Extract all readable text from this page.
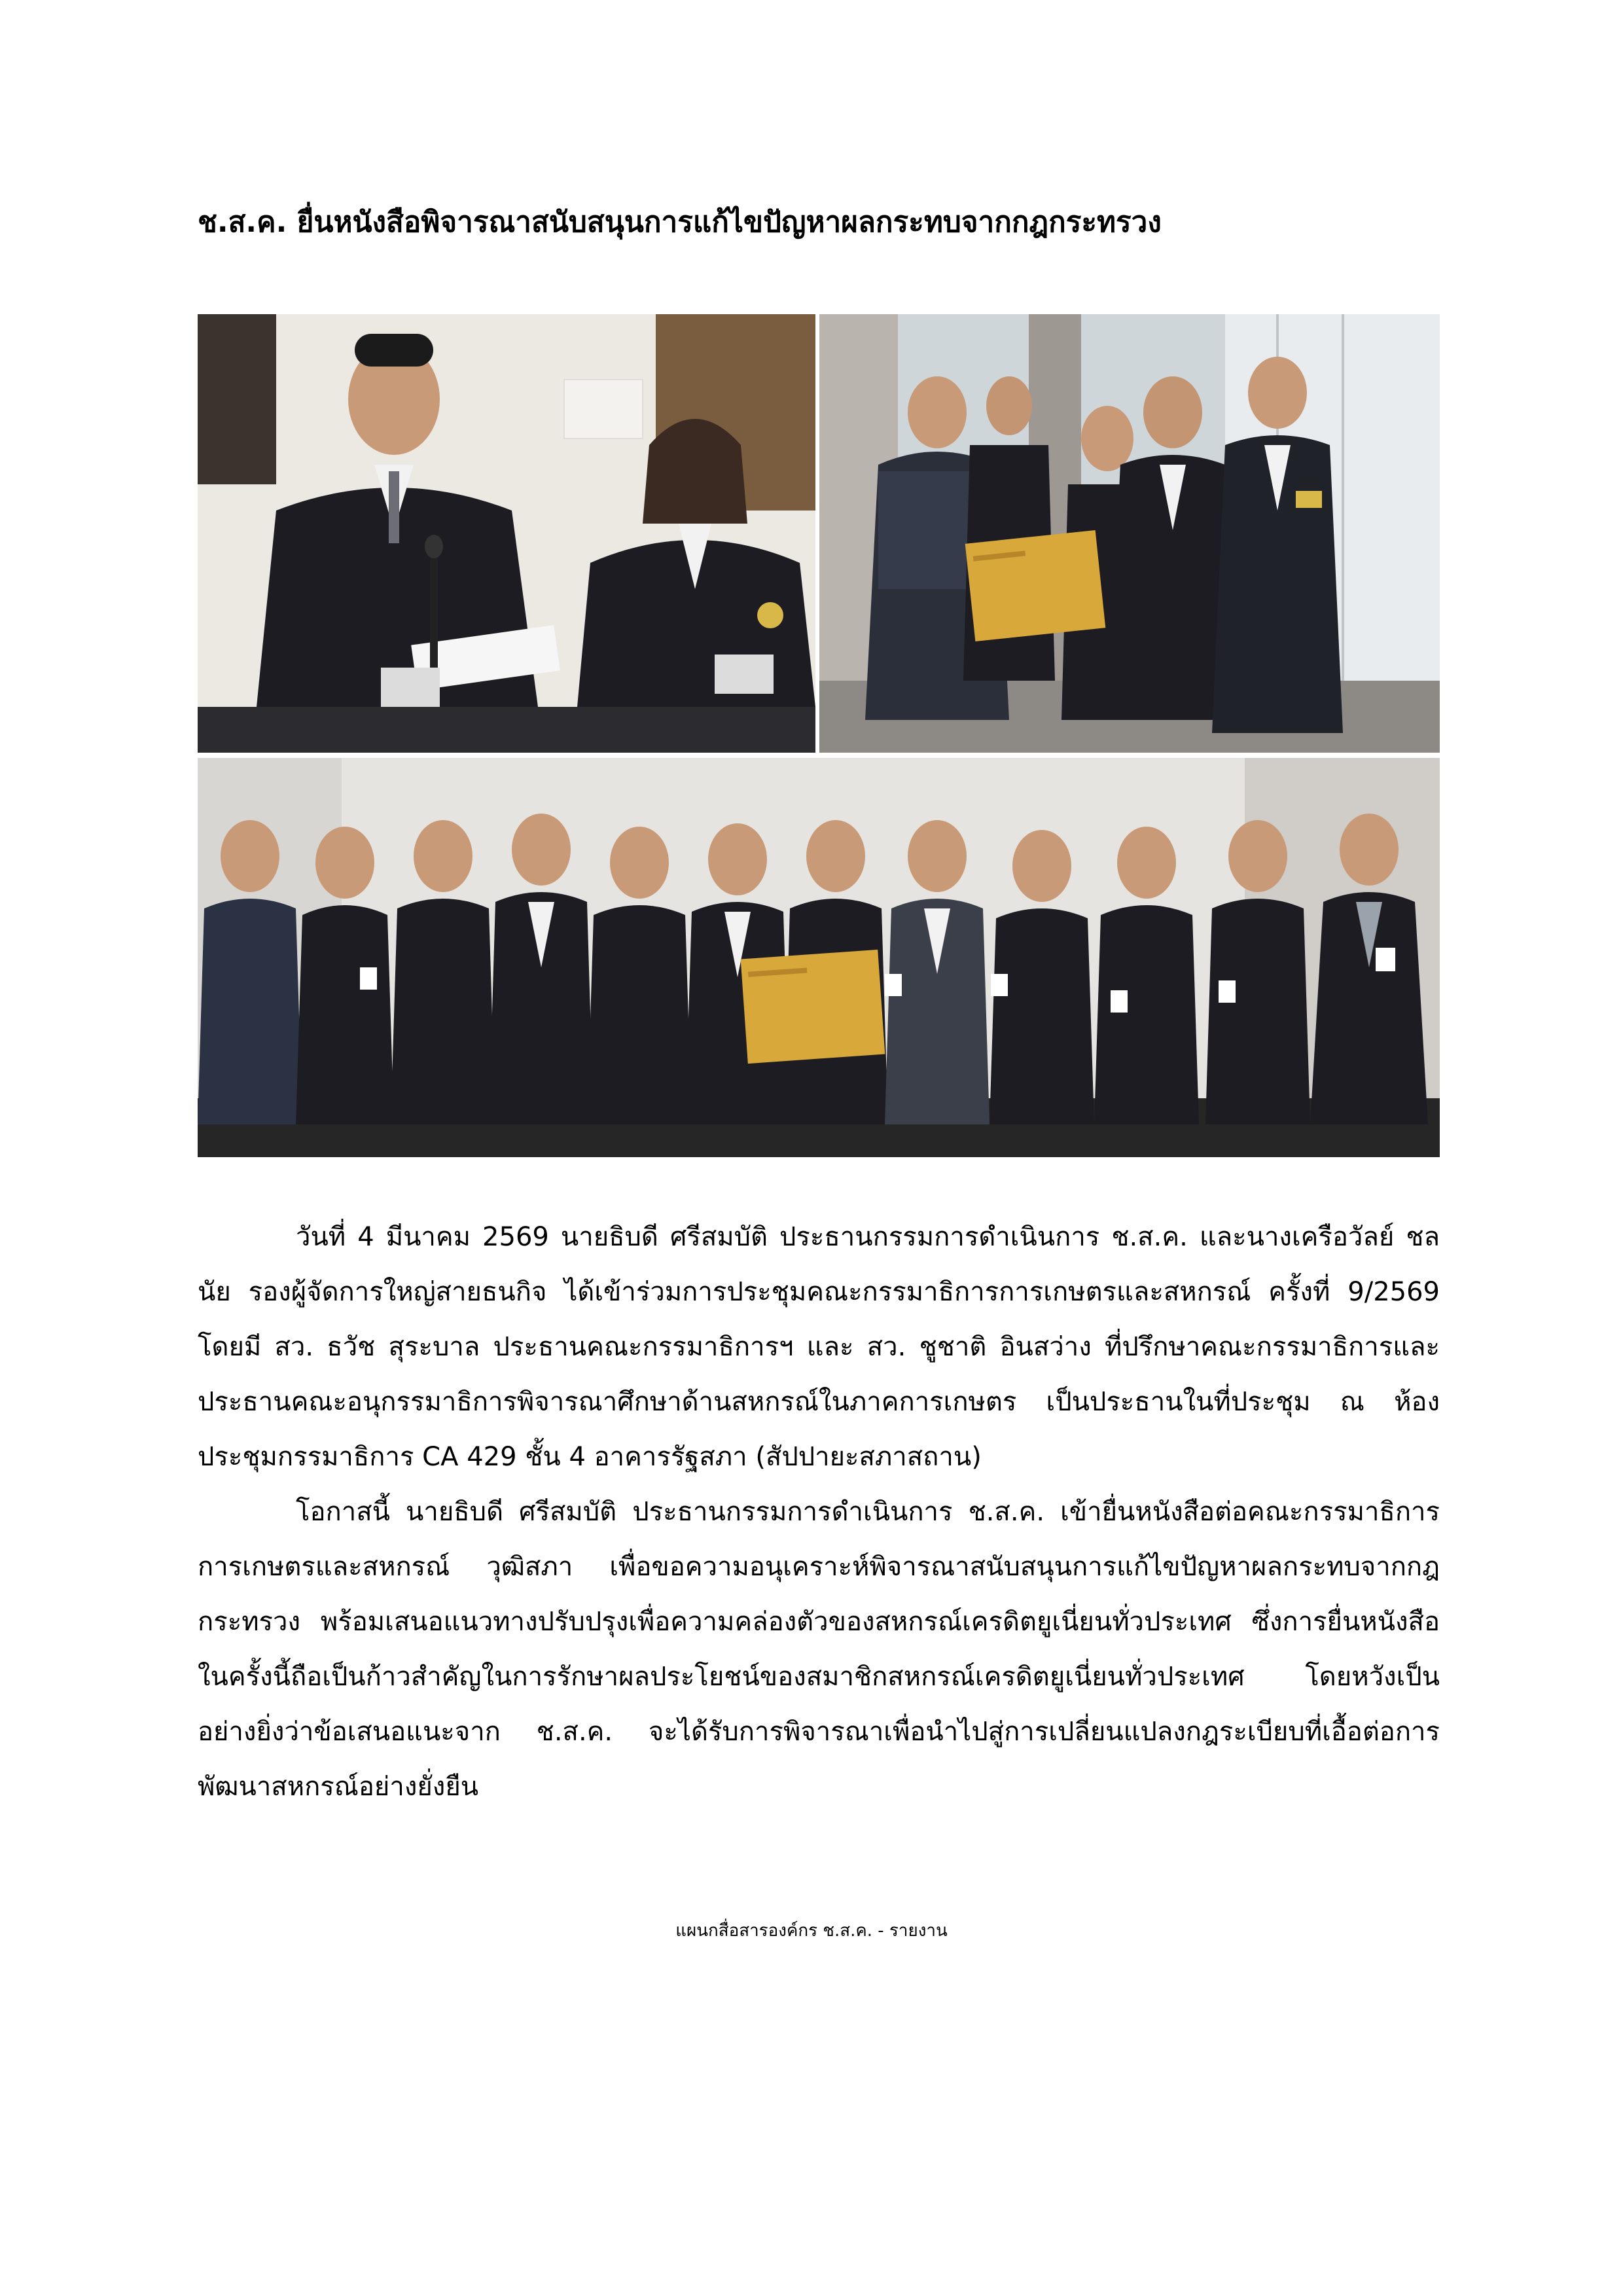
ช.ส.ค. ยื่นหนังสือพิจารณาสนับสนุนการแก้ไขปัญหาผลกระทบจากกฎกระทรวง

วันที่ 4 มีนาคม 2569 นายธิบดี ศรีสมบัติ ประธานกรรมการดำเนินการ ช.ส.ค. และนางเครือวัลย์ ชลนัย รองผู้จัดการใหญ่สายธนกิจ ได้เข้าร่วมการประชุมคณะกรรมาธิการการเกษตรและสหกรณ์ ครั้งที่ 9/2569 โดยมี สว. ธวัช สุระบาล ประธานคณะกรรมาธิการฯ และ สว. ชูชาติ อินสว่าง ที่ปรึกษาคณะกรรมาธิการและประธานคณะอนุกรรมาธิการพิจารณาศึกษาด้านสหกรณ์ในภาคการเกษตร เป็นประธานในที่ประชุม ณ ห้องประชุมกรรมาธิการ CA 429 ชั้น 4 อาคารรัฐสภา (สัปปายะสภาสถาน)

โอกาสนี้ นายธิบดี ศรีสมบัติ ประธานกรรมการดำเนินการ ช.ส.ค. เข้ายื่นหนังสือต่อคณะกรรมาธิการการเกษตรและสหกรณ์ วุฒิสภา เพื่อขอความอนุเคราะห์พิจารณาสนับสนุนการแก้ไขปัญหาผลกระทบจากกฎกระทรวง พร้อมเสนอแนวทางปรับปรุงเพื่อความคล่องตัวของสหกรณ์เครดิตยูเนี่ยนทั่วประเทศ ซึ่งการยื่นหนังสือในครั้งนี้ถือเป็นก้าวสำคัญในการรักษาผลประโยชน์ของสมาชิกสหกรณ์เครดิตยูเนี่ยนทั่วประเทศ โดยหวังเป็นอย่างยิ่งว่าข้อเสนอแนะจาก ช.ส.ค. จะได้รับการพิจารณาเพื่อนำไปสู่การเปลี่ยนแปลงกฎระเบียบที่เอื้อต่อการพัฒนาสหกรณ์อย่างยั่งยืน

แผนกสื่อสารองค์กร ช.ส.ค. - รายงาน
